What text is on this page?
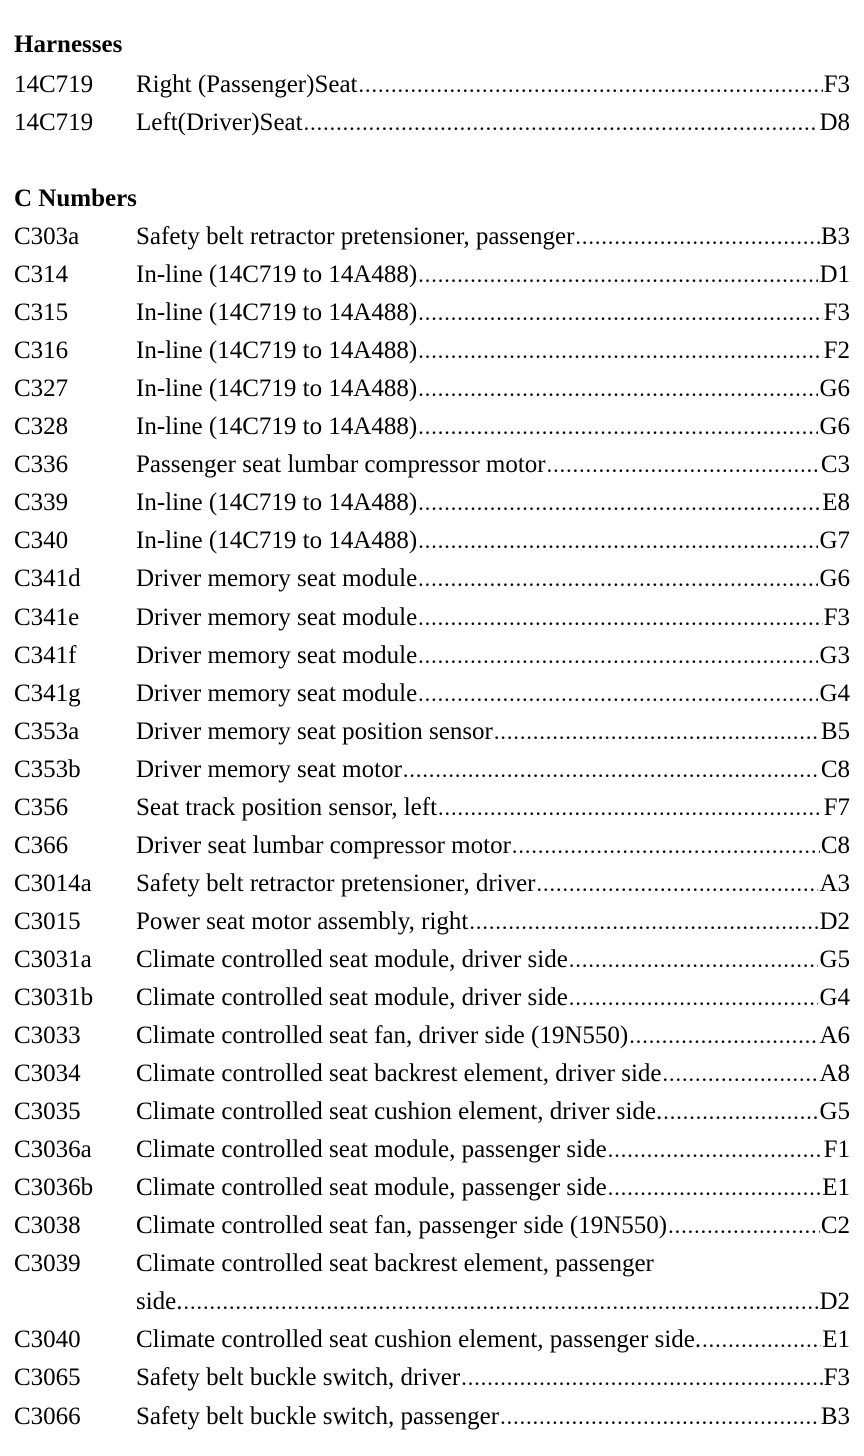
Harnesses
14C719 Right (Passenger)Seat .....	F3
14C719 Left(Driver)Seat .....	D8
C Numbers
C303a Safety belt retractor pretensioner, passenger .....	B3
C314	In-line (14C719 to 14A488) .....	D1
C315	In-line (14C719 to 14A488) .....	F3
C316	In-line (14C719 to 14A488) .....	F2
C327	In-line (14C719 to 14A488) .....	G6
C328	In-line (14C719 to 14A488) .....	G6
C336	Passenger seat lumbar compressor motor .....	C3
C339	In-line (14C719 to 14A488) .....	E8
C340	In-line (14C719 to 14A488) .....	G7
C341d Driver memory seat module .....	G6
C341e Driver memory seat module .....	F3
C341f Driver memory seat module .....	G3
C341g Driver memory seat module .....	G4
C353a Driver memory seat position sensor .....	B5
C353b Driver memory seat motor .....	C8
C356	Seat track position sensor, left .....	F7
C366	Driver seat lumbar compressor motor .....	C8
C3014a Safety belt retractor pretensioner, driver .....	A3
C3015 Power seat motor assembly, right .....	D2
C3031a Climate controlled seat module, driver side .....	G5
C3031b Climate controlled seat module, driver side .....	G4
C3033 Climate controlled seat fan, driver side (19N550) .....	A6
C3034 Climate controlled seat backrest element, driver side .....	A8
C3035 Climate controlled seat cushion element, driver side. .....	G5
C3036a Climate controlled seat module, passenger side .....	F1
C3036b Climate controlled seat module, passenger side .....	E1
C3038 Climate controlled seat fan, passenger side (19N550) .....	C2
C3039 Climate controlled seat backrest element, passenger
side. .....	D2
C3040 Climate controlled seat cushion element, passenger side. .....	E1
C3065 Safety belt buckle switch, driver .....	F3
C3066 Safety belt buckle switch, passenger .....	B3
